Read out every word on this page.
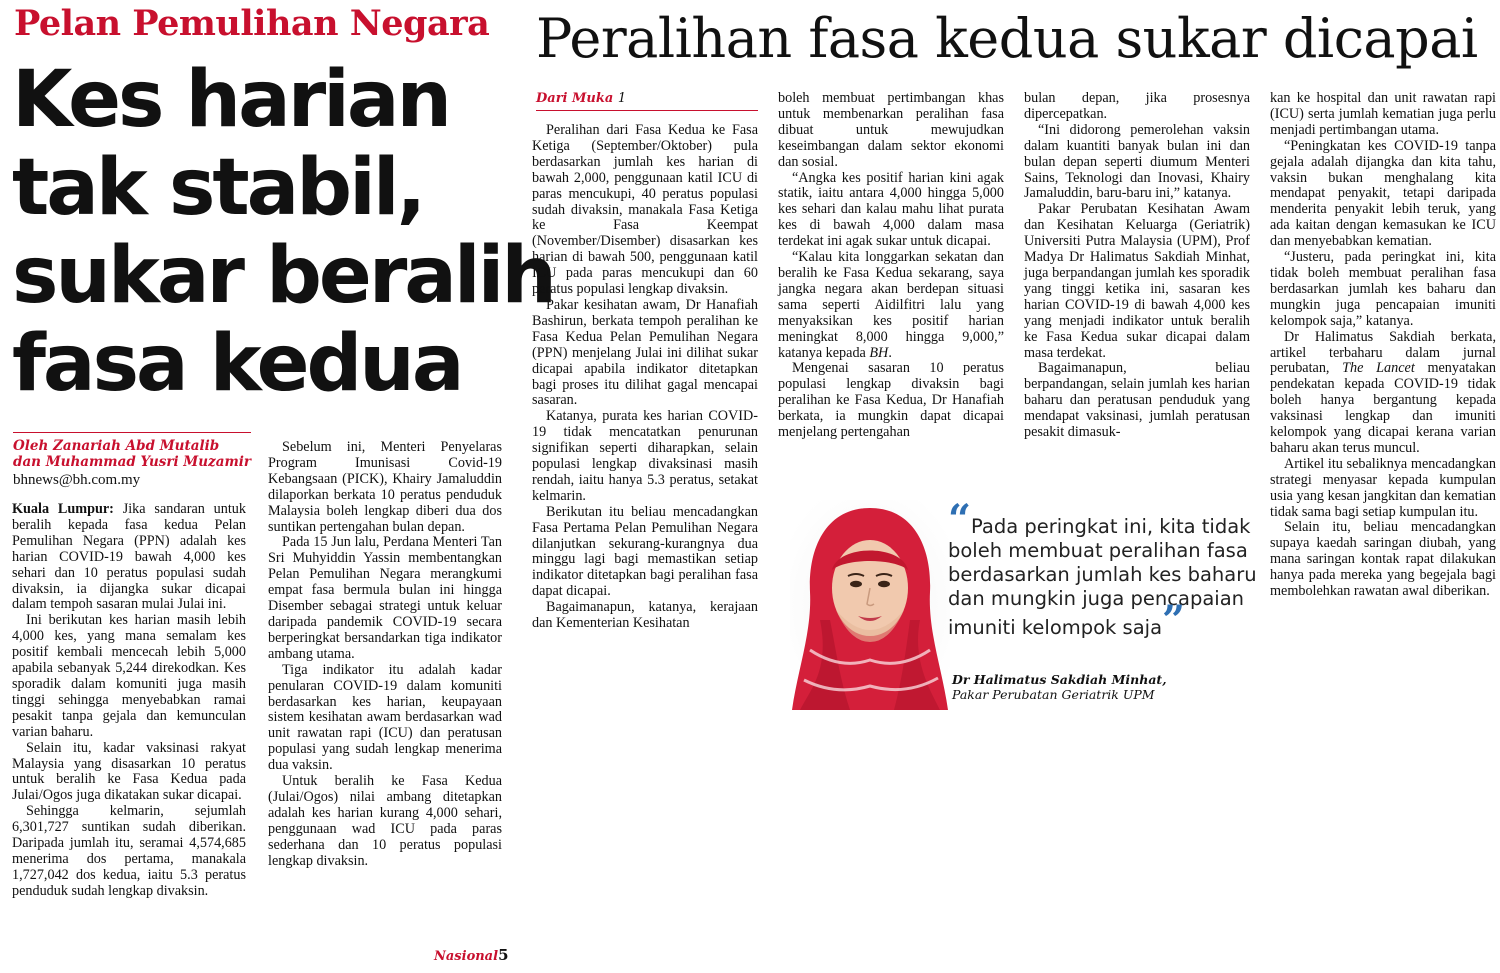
Pelan Pemulihan Negara
Kes harian
tak stabil,
sukar beralih
fasa kedua
Oleh Zanariah Abd Mutalib
dan Muhammad Yusri Muzamir
bhnews@bh.com.my

Kuala Lumpur: Jika sandaran untuk beralih kepada fasa kedua Pelan Pemulihan Negara (PPN) adalah kes harian COVID-19 bawah 4,000 kes sehari dan 10 peratus populasi sudah divaksin, ia dijangka sukar dicapai dalam tempoh sasaran mulai Julai ini.

Ini berikutan kes harian masih lebih 4,000 kes, yang mana semalam kes positif kembali mencecah lebih 5,000 apabila sebanyak 5,244 direkodkan. Kes sporadik dalam komuniti juga masih tinggi sehingga menyebabkan ramai pesakit tanpa gejala dan kemunculan varian baharu.

Selain itu, kadar vaksinasi rakyat Malaysia yang disasarkan 10 peratus untuk beralih ke Fasa Kedua pada Julai/Ogos juga dikatakan sukar dicapai.

Sehingga kelmarin, sejumlah 6,301,727 suntikan sudah diberikan. Daripada jumlah itu, seramai 4,574,685 menerima dos pertama, manakala 1,727,042 dos kedua, iaitu 5.3 peratus penduduk sudah lengkap divaksin.

Sebelum ini, Menteri Penyelaras Program Imunisasi Covid-19 Kebangsaan (PICK), Khairy Jamaluddin dilaporkan berkata 10 peratus penduduk Malaysia boleh lengkap diberi dua dos suntikan pertengahan bulan depan.

Pada 15 Jun lalu, Perdana Menteri Tan Sri Muhyiddin Yassin membentangkan Pelan Pemulihan Negara merangkumi empat fasa bermula bulan ini hingga Disember sebagai strategi untuk keluar daripada pandemik COVID-19 secara berperingkat bersandarkan tiga indikator ambang utama.

Tiga indikator itu adalah kadar penularan COVID-19 dalam komuniti berdasarkan kes harian, keupayaan sistem kesihatan awam berdasarkan wad unit rawatan rapi (ICU) dan peratusan populasi yang sudah lengkap menerima dua vaksin.

Untuk beralih ke Fasa Kedua (Julai/Ogos) nilai ambang ditetapkan adalah kes harian kurang 4,000 sehari, penggunaan wad ICU pada paras sederhana dan 10 peratus populasi lengkap divaksin.

Nasional5
Peralihan fasa kedua sukar dicapai
Dari Muka 1

Peralihan dari Fasa Kedua ke Fasa Ketiga (September/Oktober) pula berdasarkan jumlah kes harian di bawah 2,000, penggunaan katil ICU di paras mencukupi, 40 peratus populasi sudah divaksin, manakala Fasa Ketiga ke Fasa Keempat (November/Disember) disasarkan kes harian di bawah 500, penggunaan katil ICU pada paras mencukupi dan 60 peratus populasi lengkap divaksin.

Pakar kesihatan awam, Dr Hanafiah Bashirun, berkata tempoh peralihan ke Fasa Kedua Pelan Pemulihan Negara (PPN) menjelang Julai ini dilihat sukar dicapai apabila indikator ditetapkan bagi proses itu dilihat gagal mencapai sasaran.

Katanya, purata kes harian COVID-19 tidak mencatatkan penurunan signifikan seperti diharapkan, selain populasi lengkap divaksinasi masih rendah, iaitu hanya 5.3 peratus, setakat kelmarin.

Berikutan itu beliau mencadangkan Fasa Pertama Pelan Pemulihan Negara dilanjutkan sekurang-kurangnya dua minggu lagi bagi memastikan setiap indikator ditetapkan bagi peralihan fasa dapat dicapai.

Bagaimanapun, katanya, kerajaan dan Kementerian Kesihatan

boleh membuat pertimbangan khas untuk membenarkan peralihan fasa dibuat untuk mewujudkan keseimbangan dalam sektor ekonomi dan sosial.

“Angka kes positif harian kini agak statik, iaitu antara 4,000 hingga 5,000 kes sehari dan kalau mahu lihat purata kes di bawah 4,000 dalam masa terdekat ini agak sukar untuk dicapai.

“Kalau kita longgarkan sekatan dan beralih ke Fasa Kedua sekarang, saya jangka negara akan berdepan situasi sama seperti Aidilfitri lalu yang menyaksikan kes positif harian meningkat 8,000 hingga 9,000,” katanya kepada BH.

Mengenai sasaran 10 peratus populasi lengkap divaksin bagi peralihan ke Fasa Kedua, Dr Hanafiah berkata, ia mungkin dapat dicapai menjelang pertengahan

bulan depan, jika prosesnya dipercepatkan.

“Ini didorong pemerolehan vaksin dalam kuantiti banyak bulan ini dan bulan depan seperti diumum Menteri Sains, Teknologi dan Inovasi, Khairy Jamaluddin, baru-baru ini,” katanya.

Pakar Perubatan Kesihatan Awam dan Kesihatan Keluarga (Geriatrik) Universiti Putra Malaysia (UPM), Prof Madya Dr Halimatus Sakdiah Minhat, juga berpandangan jumlah kes sporadik yang tinggi ketika ini, sasaran kes harian COVID-19 di bawah 4,000 kes yang menjadi indikator untuk beralih ke Fasa Kedua sukar dicapai dalam masa terdekat.

Bagaimanapun, beliau berpandangan, selain jumlah kes harian baharu dan peratusan penduduk yang mendapat vaksinasi, jumlah peratusan pesakit dimasuk-

kan ke hospital dan unit rawatan rapi (ICU) serta jumlah kematian juga perlu menjadi pertimbangan utama.

“Peningkatan kes COVID-19 tanpa gejala adalah dijangka dan kita tahu, vaksin bukan menghalang kita mendapat penyakit, tetapi daripada menderita penyakit lebih teruk, yang ada kaitan dengan kemasukan ke ICU dan menyebabkan kematian.

“Justeru, pada peringkat ini, kita tidak boleh membuat peralihan fasa berdasarkan jumlah kes baharu dan mungkin juga pencapaian imuniti kelompok saja,” katanya.

Dr Halimatus Sakdiah berkata, artikel terbaharu dalam jurnal perubatan, The Lancet menyatakan pendekatan kepada COVID-19 tidak boleh hanya bergantung kepada vaksinasi lengkap dan imuniti kelompok yang dicapai kerana varian baharu akan terus muncul.

Artikel itu sebaliknya mencadangkan strategi menyasar kepada kumpulan usia yang kesan jangkitan dan kematian tidak sama bagi setiap kumpulan itu.

Selain itu, beliau mencadangkan supaya kaedah saringan diubah, yang mana saringan kontak rapat dilakukan hanya pada mereka yang begejala bagi membolehkan rawatan awal diberikan.

“Pada peringkat ini, kita tidak boleh membuat peralihan fasa berdasarkan jumlah kes baharu dan mungkin juga pencapaian imuniti kelompok saja”
Dr Halimatus Sakdiah Minhat,
Pakar Perubatan Geriatrik UPM
